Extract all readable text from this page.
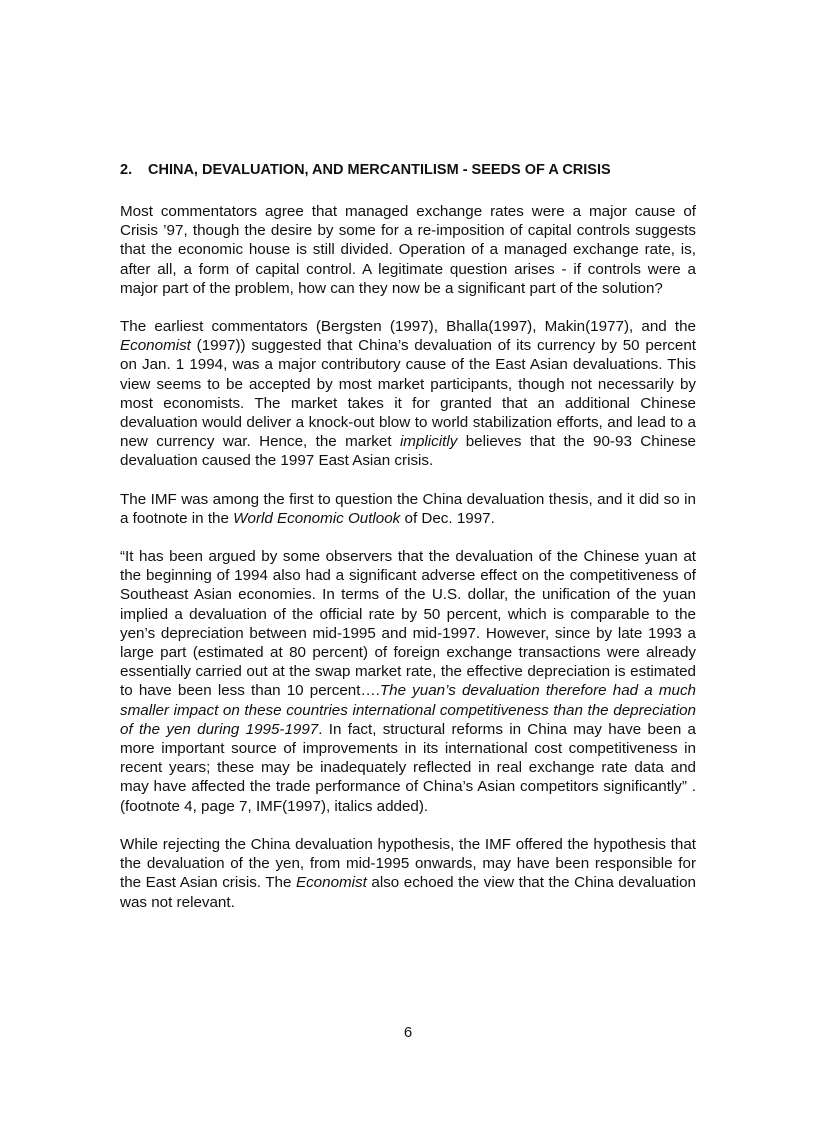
2. CHINA, DEVALUATION, AND MERCANTILISM - SEEDS OF A CRISIS

Most commentators agree that managed exchange rates were a major cause of Crisis ’97, though the desire by some for a re-imposition of capital controls suggests that the economic house is still divided. Operation of a managed exchange rate, is, after all, a form of capital control. A legitimate question arises - if controls were a major part of the problem, how can they now be a significant part of the solution?

The earliest commentators (Bergsten (1997), Bhalla(1997), Makin(1977), and the Economist (1997)) suggested that China’s devaluation of its currency by 50 percent on Jan. 1 1994, was a major contributory cause of the East Asian devaluations. This view seems to be accepted by most market participants, though not necessarily by most economists. The market takes it for granted that an additional Chinese devaluation would deliver a knock-out blow to world stabilization efforts, and lead to a new currency war. Hence, the market implicitly believes that the 90-93 Chinese devaluation caused the 1997 East Asian crisis.

The IMF was among the first to question the China devaluation thesis, and it did so in a footnote in the World Economic Outlook of Dec. 1997.

“It has been argued by some observers that the devaluation of the Chinese yuan at the beginning of 1994 also had a significant adverse effect on the competitiveness of Southeast Asian economies. In terms of the U.S. dollar, the unification of the yuan implied a devaluation of the official rate by 50 percent, which is comparable to the yen’s depreciation between mid-1995 and mid-1997. However, since by late 1993 a large part (estimated at 80 percent) of foreign exchange transactions were already essentially carried out at the swap market rate, the effective depreciation is estimated to have been less than 10 percent….The yuan’s devaluation therefore had a much smaller impact on these countries international competitiveness than the depreciation of the yen during 1995-1997. In fact, structural reforms in China may have been a more important source of improvements in its international cost competitiveness in recent years; these may be inadequately reflected in real exchange rate data and may have affected the trade performance of China’s Asian competitors significantly” . (footnote 4, page 7, IMF(1997), italics added).

While rejecting the China devaluation hypothesis, the IMF offered the hypothesis that the devaluation of the yen, from mid-1995 onwards, may have been responsible for the East Asian crisis. The Economist also echoed the view that the China devaluation was not relevant.

6
